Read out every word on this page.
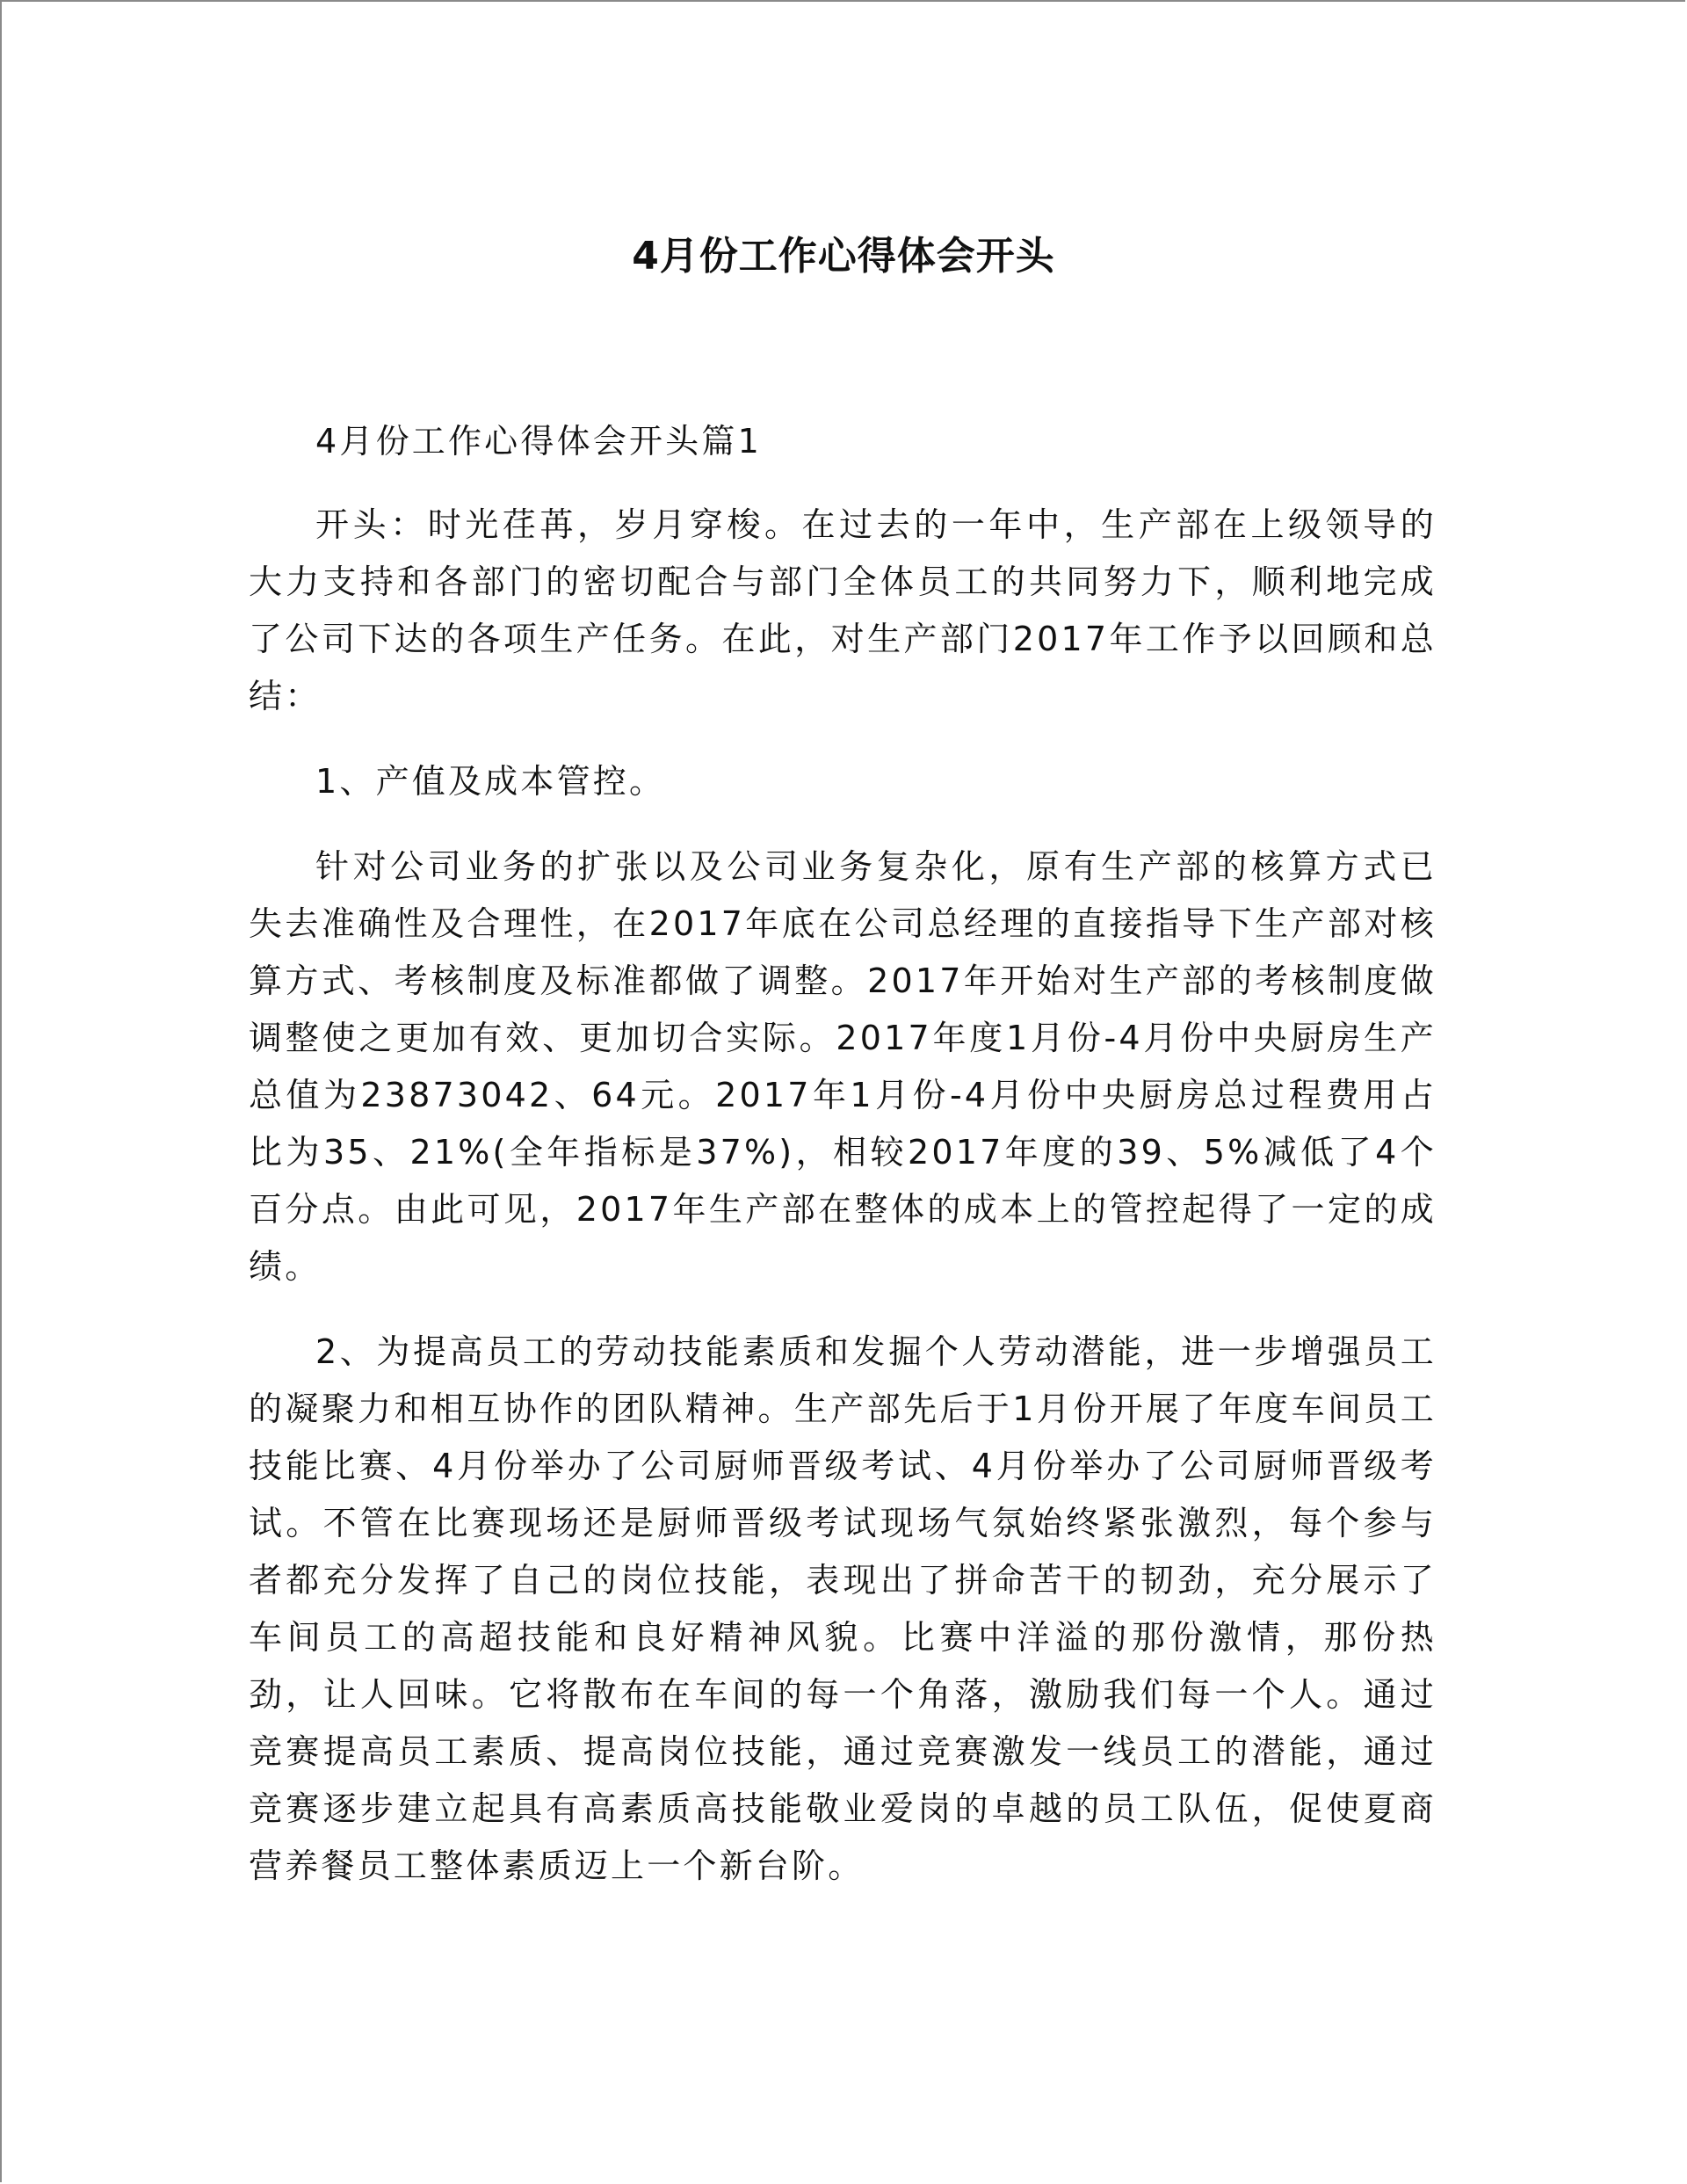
4月份工作心得体会开头

4月份工作心得体会开头篇1

开头：时光荏苒，岁月穿梭。在过去的一年中，生产部在上级领导的大力支持和各部门的密切配合与部门全体员工的共同努力下，顺利地完成了公司下达的各项生产任务。在此，对生产部门2017年工作予以回顾和总结：

1、产值及成本管控。

针对公司业务的扩张以及公司业务复杂化，原有生产部的核算方式已失去准确性及合理性，在2017年底在公司总经理的直接指导下生产部对核算方式、考核制度及标准都做了调整。2017年开始对生产部的考核制度做调整使之更加有效、更加切合实际。2017年度1月份-4月份中央厨房生产总值为23873042、64元。2017年1月份-4月份中央厨房总过程费用占比为35、21%(全年指标是37%)，相较2017年度的39、5%减低了4个百分点。由此可见，2017年生产部在整体的成本上的管控起得了一定的成绩。

2、为提高员工的劳动技能素质和发掘个人劳动潜能，进一步增强员工的凝聚力和相互协作的团队精神。生产部先后于1月份开展了年度车间员工技能比赛、4月份举办了公司厨师晋级考试、4月份举办了公司厨师晋级考试。不管在比赛现场还是厨师晋级考试现场气氛始终紧张激烈，每个参与者都充分发挥了自己的岗位技能，表现出了拼命苦干的韧劲，充分展示了车间员工的高超技能和良好精神风貌。比赛中洋溢的那份激情，那份热劲，让人回味。它将散布在车间的每一个角落，激励我们每一个人。通过竞赛提高员工素质、提高岗位技能，通过竞赛激发一线员工的潜能，通过竞赛逐步建立起具有高素质高技能敬业爱岗的卓越的员工队伍，促使夏商营养餐员工整体素质迈上一个新台阶。
